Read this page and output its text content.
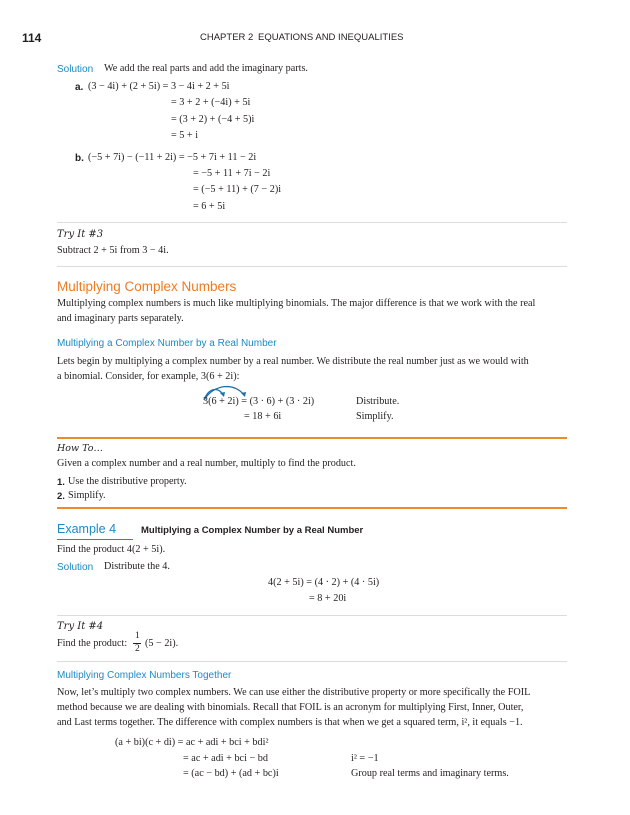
114	CHAPTER 2 EQUATIONS AND INEQUALITIES
Solution We add the real parts and add the imaginary parts.
a. (3 − 4i) + (2 + 5i) = 3 − 4i + 2 + 5i
= 3 + 2 + (−4i) + 5i
= (3 + 2) + (−4 + 5)i
= 5 + i
b. (−5 + 7i) − (−11 + 2i) = −5 + 7i + 11 − 2i
= −5 + 11 + 7i − 2i
= (−5 + 11) + (7 − 2)i
= 6 + 5i
Try It #3
Subtract 2 + 5i from 3 − 4i.
Multiplying Complex Numbers
Multiplying complex numbers is much like multiplying binomials. The major difference is that we work with the real
and imaginary parts separately.
Multiplying a Complex Number by a Real Number
Lets begin by multiplying a complex number by a real number. We distribute the real number just as we would with
a binomial. Consider, for example, 3(6 + 2i):
3(6 + 2i) = (3 · 6) + (3 · 2i)
= 18 + 6i
Distribute.
Simplify.
How To…
Given a complex number and a real number, multiply to find the product.
1. Use the distributive property.
2. Simplify.
Example 4	Multiplying a Complex Number by a Real Number
Find the product 4(2 + 5i).
Solution Distribute the 4.
4(2 + 5i) = (4 · 2) + (4 · 5i)
= 8 + 20i
Try It #4
Find the product:
1
2 (5 − 2i).
Multiplying Complex Numbers Together
Now, let’s multiply two complex numbers. We can use either the distributive property or more specifically the FOIL
method because we are dealing with binomials. Recall that FOIL is an acronym for multiplying First, Inner, Outer,
and Last terms together. The difference with complex numbers is that when we get a squared term, i², it equals −1.
(a + bi)(c + di) = ac + adi + bci + bdi²
= ac + adi + bci − bd
= (ac − bd) + (ad + bc)i
i² = −1
Group real terms and imaginary terms.
